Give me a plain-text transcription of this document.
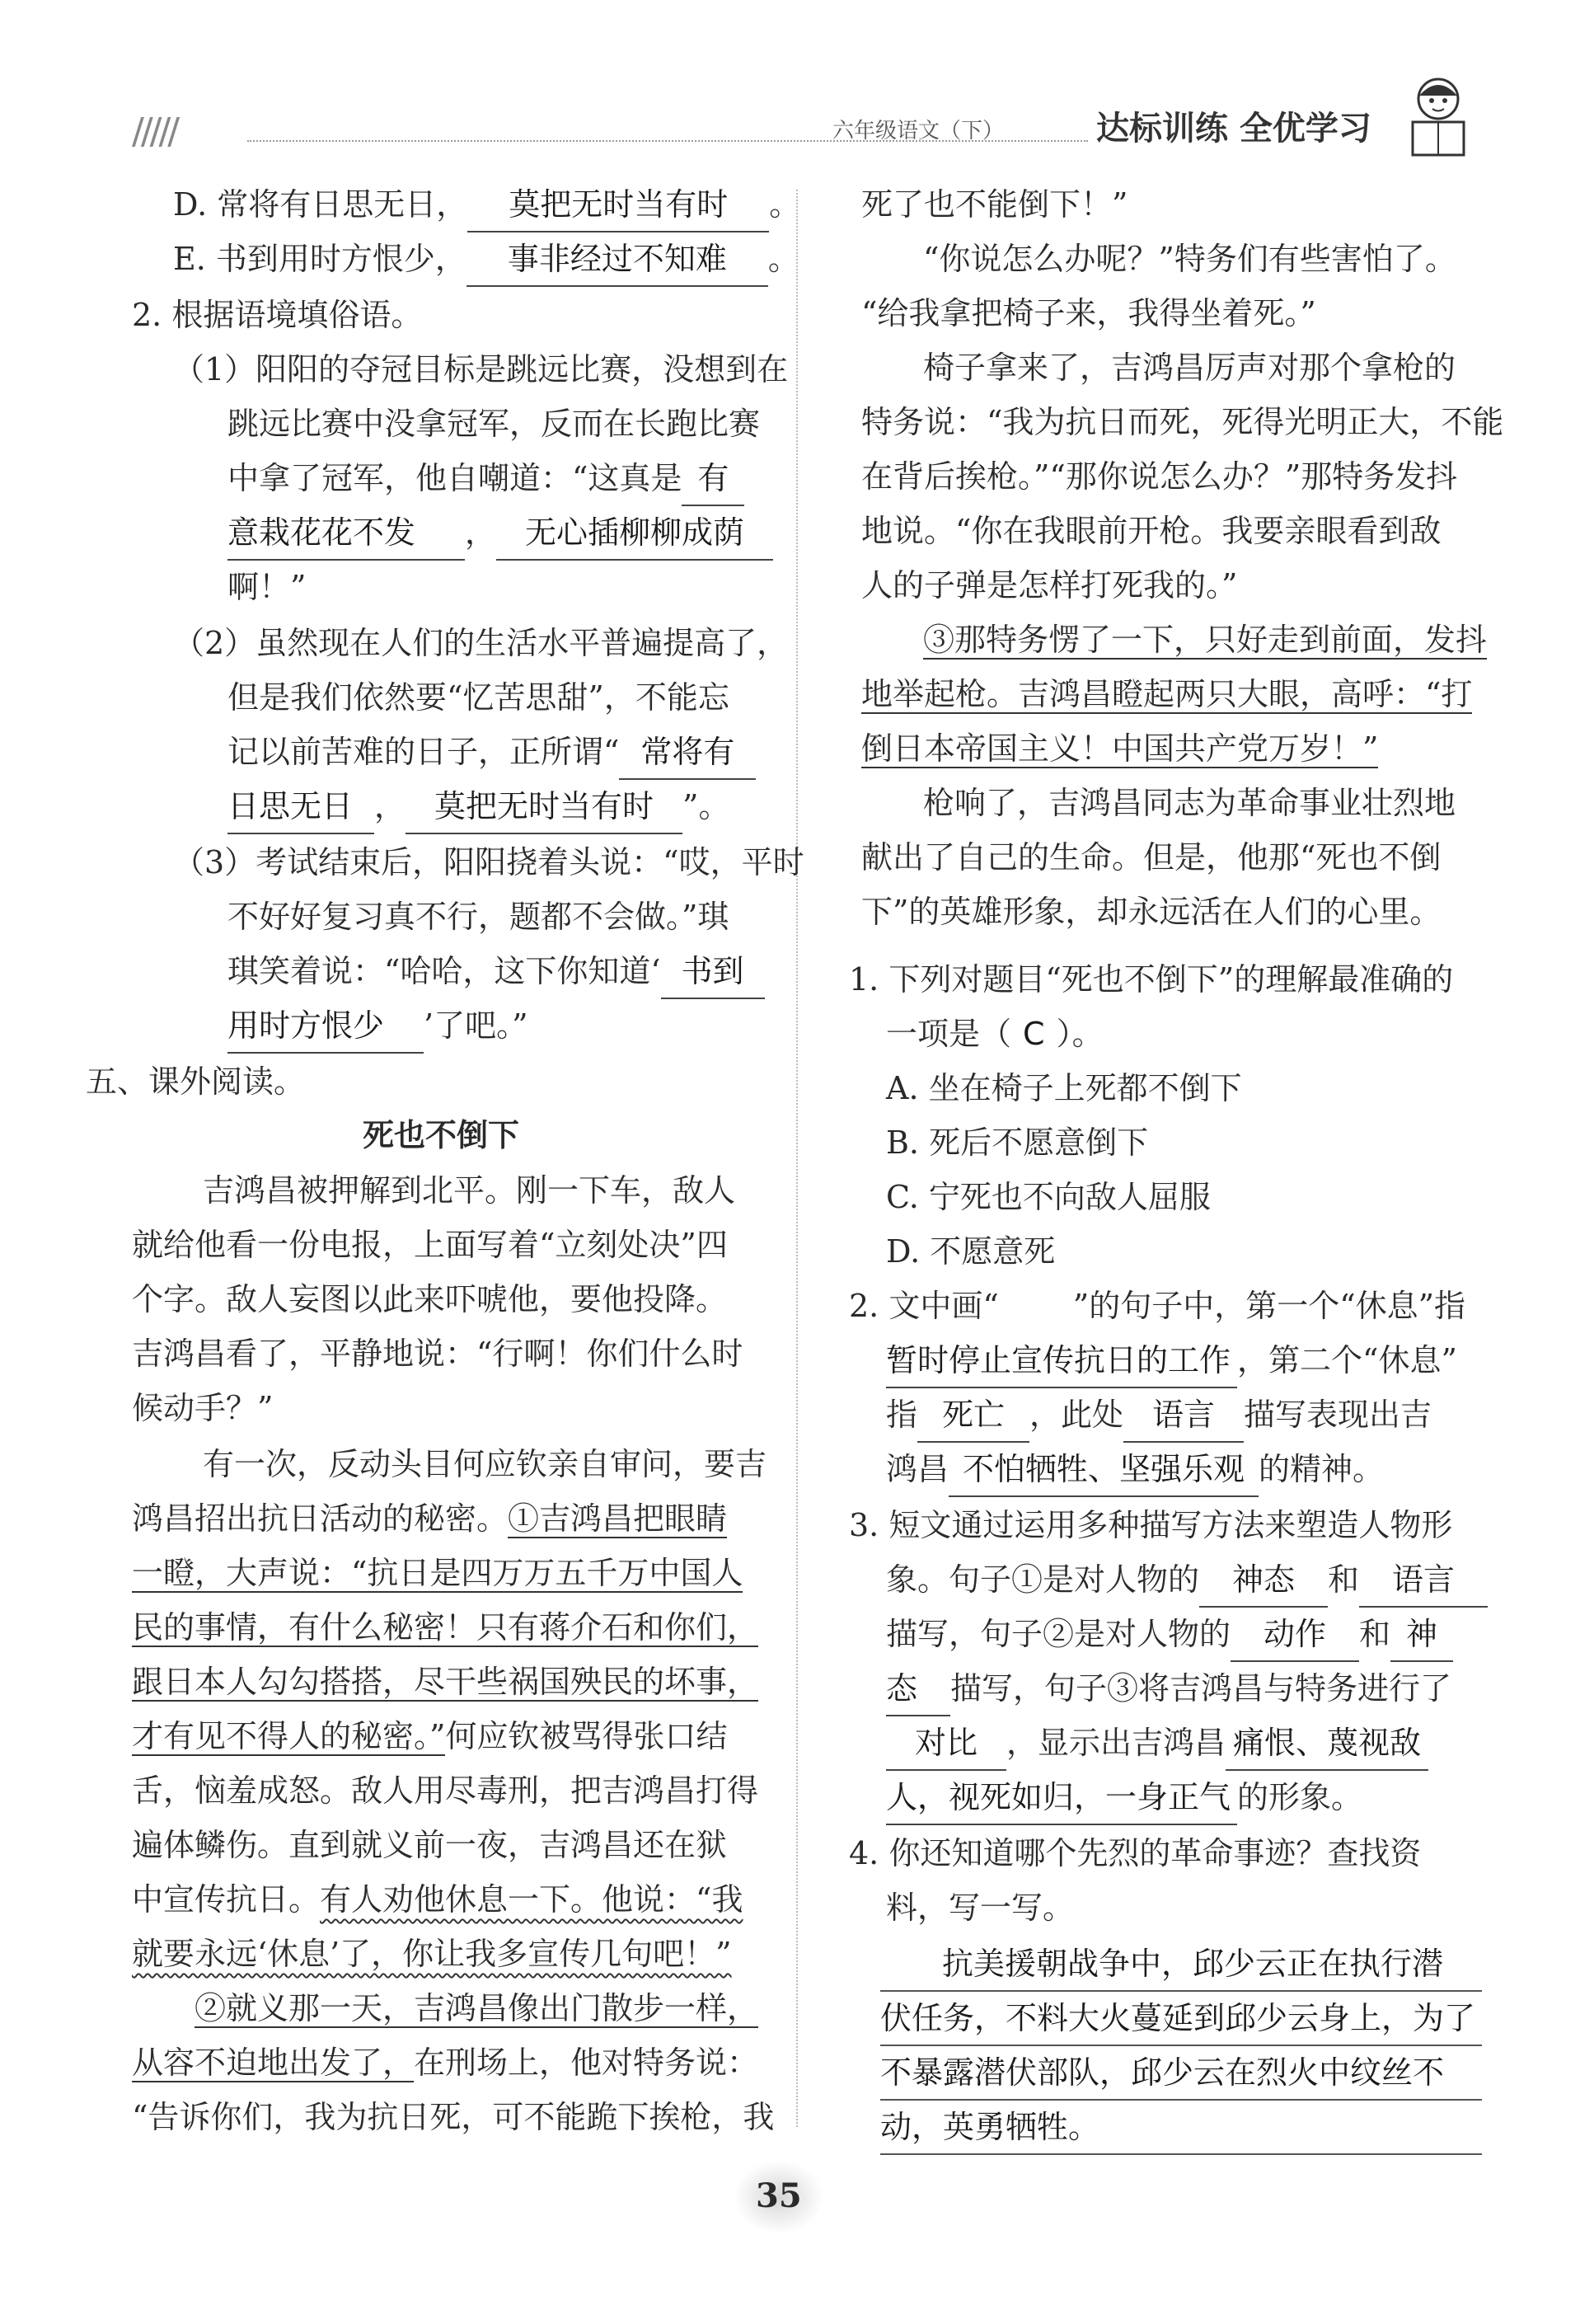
/////	六年级语文（下）	达标训练 全优学习
D. 常将有日思无日， 莫把无时当有时 。
E. 书到用时方恨少， 事非经过不知难 。
2. 根据语境填俗语。
（1）阳阳的夺冠目标是跳远比赛，没想到在
跳远比赛中没拿冠军，反而在长跑比赛
中拿了冠军，他自嘲道：“这真是 有
意栽花花不发 ， 无心插柳柳成荫
啊！”
（2）虽然现在人们的生活水平普遍提高了，
但是我们依然要“忆苦思甜”，不能忘
记以前苦难的日子，正所谓“ 常将有
日思无日 ， 莫把无时当有时 ”。
（3）考试结束后，阳阳挠着头说：“哎，平时
不好好复习真不行，题都不会做。”琪
琪笑着说：“哈哈，这下你知道‘ 书到
用时方恨少 ’了吧。”
五、课外阅读。
死也不倒下
吉鸿昌被押解到北平。刚一下车，敌人
就给他看一份电报，上面写着“立刻处决”四
个字。敌人妄图以此来吓唬他，要他投降。
吉鸿昌看了，平静地说：“行啊！你们什么时
候动手？”
有一次，反动头目何应钦亲自审问，要吉
鸿昌招出抗日活动的秘密。①吉鸿昌把眼睛
一瞪，大声说：“抗日是四万万五千万中国人
民的事情，有什么秘密！只有蒋介石和你们，
跟日本人勾勾搭搭，尽干些祸国殃民的坏事，
才有见不得人的秘密。”何应钦被骂得张口结
舌，恼羞成怒。敌人用尽毒刑，把吉鸿昌打得
遍体鳞伤。直到就义前一夜，吉鸿昌还在狱
中宣传抗日。有人劝他休息一下。他说：“我
就要永远‘休息’了，你让我多宣传几句吧！”
②就义那一天，吉鸿昌像出门散步一样，
从容不迫地出发了，在刑场上，他对特务说：
“告诉你们，我为抗日死，可不能跪下挨枪，我
死了也不能倒下！”
“你说怎么办呢？”特务们有些害怕了。
“给我拿把椅子来，我得坐着死。”
椅子拿来了，吉鸿昌厉声对那个拿枪的
特务说：“我为抗日而死，死得光明正大，不能
在背后挨枪。”“那你说怎么办？”那特务发抖
地说。“你在我眼前开枪。我要亲眼看到敌
人的子弹是怎样打死我的。”
③那特务愣了一下，只好走到前面，发抖
地举起枪。吉鸿昌瞪起两只大眼，高呼：“打
倒日本帝国主义！中国共产党万岁！”
枪响了，吉鸿昌同志为革命事业壮烈地
献出了自己的生命。但是，他那“死也不倒
下”的英雄形象，却永远活在人们的心里。
1. 下列对题目“死也不倒下”的理解最准确的
一项是（ C ）。
A. 坐在椅子上死都不倒下
B. 死后不愿意倒下
C. 宁死也不向敌人屈服
D. 不愿意死
2. 文中画“ ”的句子中，第一个“休息”指
暂时停止宣传抗日的工作 ，第二个“休息”
指 死亡 ，此处 语言 描写表现出吉
鸿昌 不怕牺牲、坚强乐观 的精神。
3. 短文通过运用多种描写方法来塑造人物形
象。句子①是对人物的 神态 和 语言
描写，句子②是对人物的 动作 和 神
态 描写，句子③将吉鸿昌与特务进行了
对比 ，显示出吉鸿昌 痛恨、蔑视敌
人，视死如归，一身正气 的形象。
4. 你还知道哪个先烈的革命事迹？查找资
料，写一写。
抗美援朝战争中，邱少云正在执行潜
伏任务，不料大火蔓延到邱少云身上，为了
不暴露潜伏部队，邱少云在烈火中纹丝不
动，英勇牺牲。
35
